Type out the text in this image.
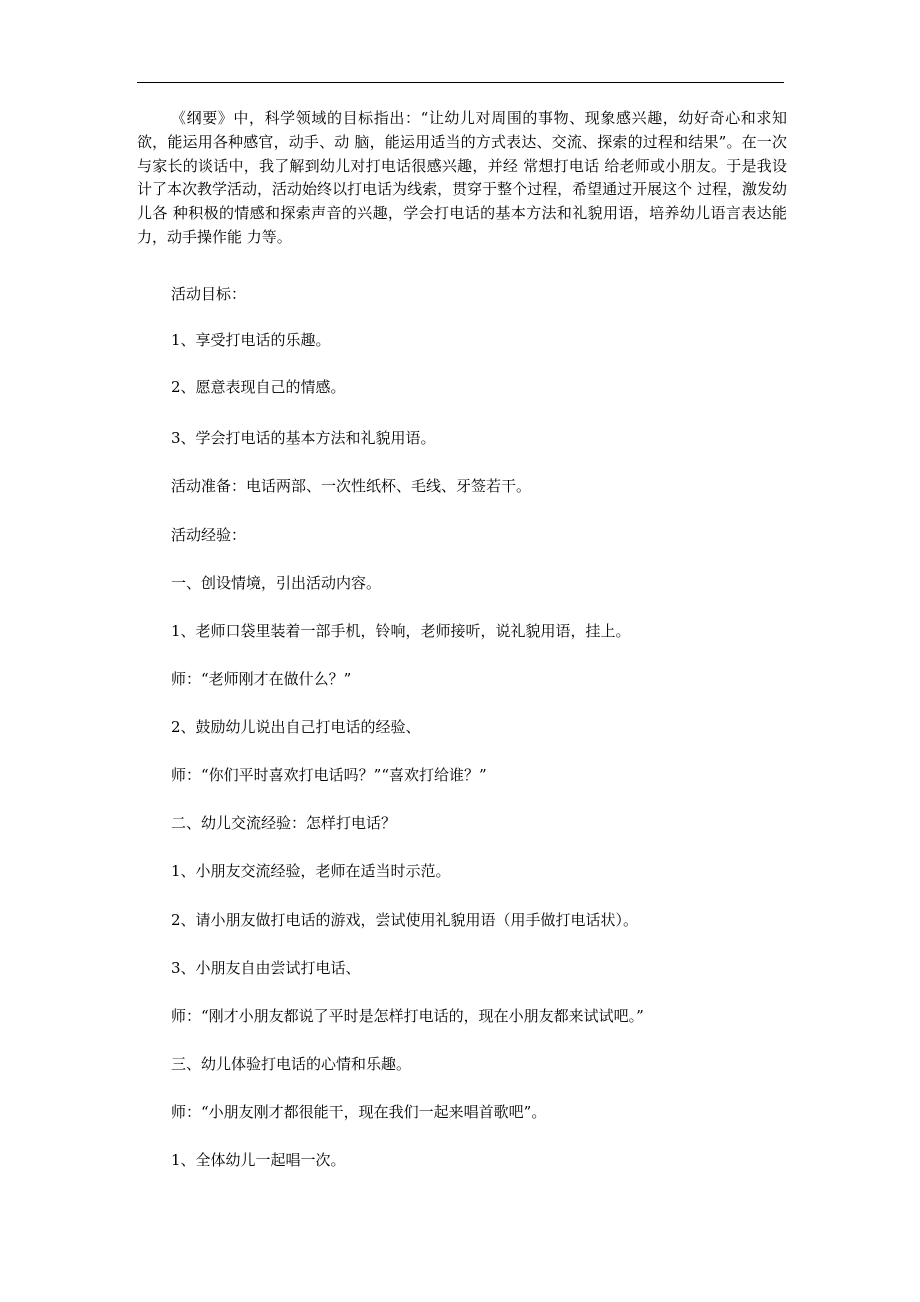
《纲要》中，科学领域的目标指出：“让幼儿对周围的事物、现象感兴趣，幼好奇心和求知欲，能运用各种感官，动手、动 脑，能运用适当的方式表达、交流、探索的过程和结果”。在一次与家长的谈话中，我了解到幼儿对打电话很感兴趣，并经 常想打电话 给老师或小朋友。于是我设计了本次教学活动，活动始终以打电话为线索，贯穿于整个过程，希望通过开展这个 过程，激发幼儿各 种积极的情感和探索声音的兴趣，学会打电话的基本方法和礼貌用语，培养幼儿语言表达能力，动手操作能 力等。

活动目标：

1、享受打电话的乐趣。

2、愿意表现自己的情感。

3、学会打电话的基本方法和礼貌用语。

活动准备：电话两部、一次性纸杯、毛线、牙签若干。

活动经验：

一、创设情境，引出活动内容。

1、老师口袋里装着一部手机，铃响，老师接听，说礼貌用语，挂上。

师：“老师刚才在做什么？”

2、鼓励幼儿说出自己打电话的经验、

师：“你们平时喜欢打电话吗？”“喜欢打给谁？”

二、幼儿交流经验：怎样打电话？

1、小朋友交流经验，老师在适当时示范。

2、请小朋友做打电话的游戏，尝试使用礼貌用语（用手做打电话状）。

3、小朋友自由尝试打电话、

师：“刚才小朋友都说了平时是怎样打电话的，现在小朋友都来试试吧。”

三、幼儿体验打电话的心情和乐趣。

师：“小朋友刚才都很能干，现在我们一起来唱首歌吧”。

1、全体幼儿一起唱一次。
